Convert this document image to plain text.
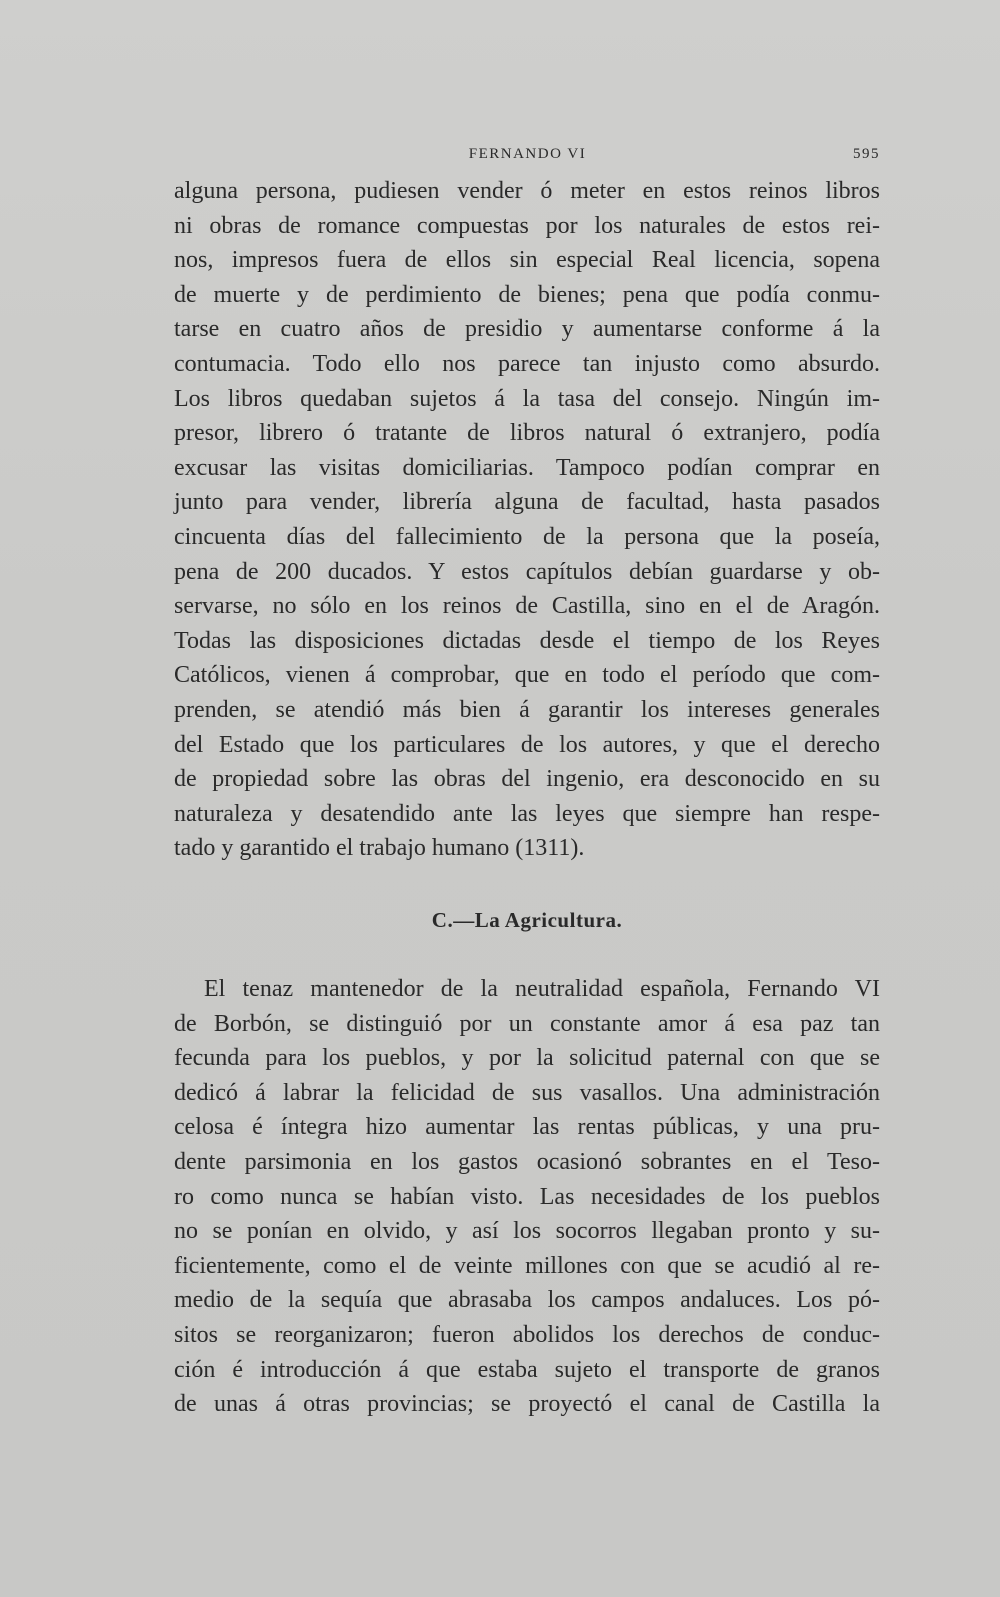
FERNANDO VI	595
alguna persona, pudiesen vender ó meter en estos reinos libros
ni obras de romance compuestas por los naturales de estos rei-
nos, impresos fuera de ellos sin especial Real licencia, sopena
de muerte y de perdimiento de bienes; pena que podía conmu-
tarse en cuatro años de presidio y aumentarse conforme á la
contumacia. Todo ello nos parece tan injusto como absurdo.
Los libros quedaban sujetos á la tasa del consejo. Ningún im-
presor, librero ó tratante de libros natural ó extranjero, podía
excusar las visitas domiciliarias. Tampoco podían comprar en
junto para vender, librería alguna de facultad, hasta pasados
cincuenta días del fallecimiento de la persona que la poseía,
pena de 200 ducados. Y estos capítulos debían guardarse y ob-
servarse, no sólo en los reinos de Castilla, sino en el de Aragón.
Todas las disposiciones dictadas desde el tiempo de los Reyes
Católicos, vienen á comprobar, que en todo el período que com-
prenden, se atendió más bien á garantir los intereses generales
del Estado que los particulares de los autores, y que el derecho
de propiedad sobre las obras del ingenio, era desconocido en su
naturaleza y desatendido ante las leyes que siempre han respe-
tado y garantido el trabajo humano (1311).
C.—La Agricultura.
El tenaz mantenedor de la neutralidad española, Fernando VI
de Borbón, se distinguió por un constante amor á esa paz tan
fecunda para los pueblos, y por la solicitud paternal con que se
dedicó á labrar la felicidad de sus vasallos. Una administración
celosa é íntegra hizo aumentar las rentas públicas, y una pru-
dente parsimonia en los gastos ocasionó sobrantes en el Teso-
ro como nunca se habían visto. Las necesidades de los pueblos
no se ponían en olvido, y así los socorros llegaban pronto y su-
ficientemente, como el de veinte millones con que se acudió al re-
medio de la sequía que abrasaba los campos andaluces. Los pó-
sitos se reorganizaron; fueron abolidos los derechos de conduc-
ción é introducción á que estaba sujeto el transporte de granos
de unas á otras provincias; se proyectó el canal de Castilla la
